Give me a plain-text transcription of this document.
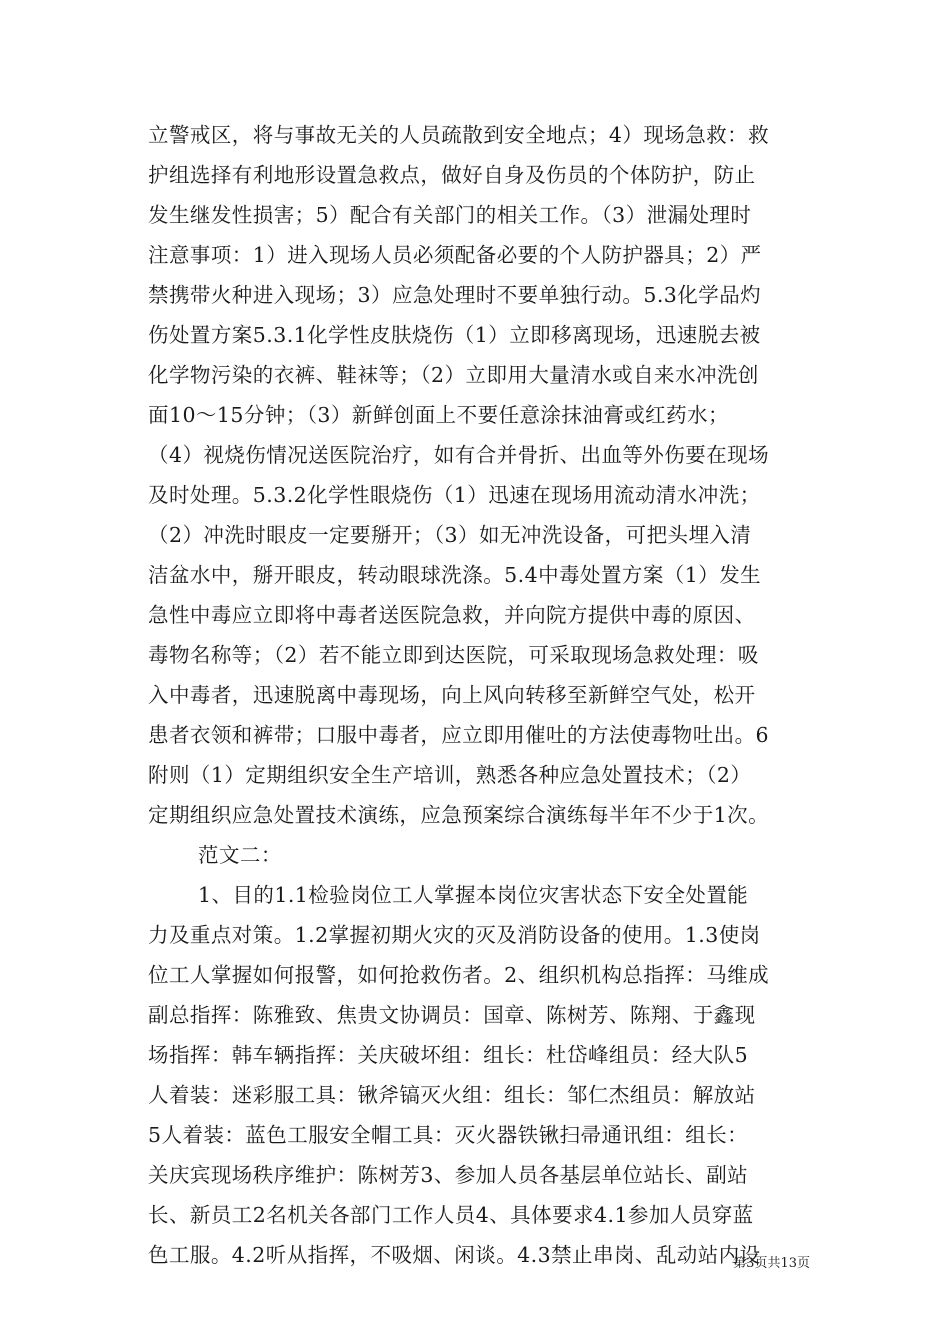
立警戒区，将与事故无关的人员疏散到安全地点；4）现场急救：救
护组选择有利地形设置急救点，做好自身及伤员的个体防护，防止
发生继发性损害；5）配合有关部门的相关工作。（3）泄漏处理时
注意事项：1）进入现场人员必须配备必要的个人防护器具；2）严
禁携带火种进入现场；3）应急处理时不要单独行动。5.3化学品灼
伤处置方案5.3.1化学性皮肤烧伤（1）立即移离现场，迅速脱去被
化学物污染的衣裤、鞋袜等；（2）立即用大量清水或自来水冲洗创
面10～15分钟；（3）新鲜创面上不要任意涂抹油膏或红药水；
（4）视烧伤情况送医院治疗，如有合并骨折、出血等外伤要在现场
及时处理。5.3.2化学性眼烧伤（1）迅速在现场用流动清水冲洗；
（2）冲洗时眼皮一定要掰开；（3）如无冲洗设备，可把头埋入清
洁盆水中，掰开眼皮，转动眼球洗涤。5.4中毒处置方案（1）发生
急性中毒应立即将中毒者送医院急救，并向院方提供中毒的原因、
毒物名称等；（2）若不能立即到达医院，可采取现场急救处理：吸
入中毒者，迅速脱离中毒现场，向上风向转移至新鲜空气处，松开
患者衣领和裤带；口服中毒者，应立即用催吐的方法使毒物吐出。6
附则（1）定期组织安全生产培训，熟悉各种应急处置技术；（2）
定期组织应急处置技术演练，应急预案综合演练每半年不少于1次。
范文二：
1、目的1.1检验岗位工人掌握本岗位灾害状态下安全处置能
力及重点对策。1.2掌握初期火灾的灭及消防设备的使用。1.3使岗
位工人掌握如何报警，如何抢救伤者。2、组织机构总指挥：马维成
副总指挥：陈雅致、焦贵文协调员：国章、陈树芳、陈翔、于鑫现
场指挥：韩车辆指挥：关庆破坏组：组长：杜岱峰组员：经大队5
人着装：迷彩服工具：锹斧镐灭火组：组长：邹仁杰组员：解放站
5人着装：蓝色工服安全帽工具：灭火器铁锹扫帚通讯组：组长：
关庆宾现场秩序维护：陈树芳3、参加人员各基层单位站长、副站
长、新员工2名机关各部门工作人员4、具体要求4.1参加人员穿蓝
色工服。4.2听从指挥，不吸烟、闲谈。4.3禁止串岗、乱动站内设
第3页共13页
